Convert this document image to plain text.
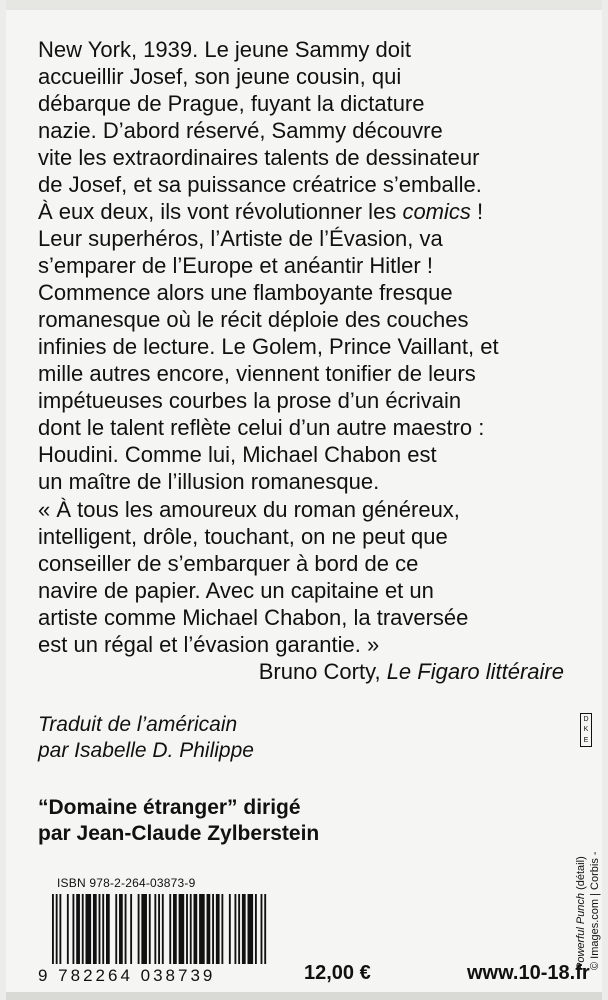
New York, 1939. Le jeune Sammy doit
accueillir Josef, son jeune cousin, qui
débarque de Prague, fuyant la dictature
nazie. D’abord réservé, Sammy découvre
vite les extraordinaires talents de dessinateur
de Josef, et sa puissance créatrice s’emballe.
À eux deux, ils vont révolutionner les comics !
Leur superhéros, l’Artiste de l’Évasion, va
s’emparer de l’Europe et anéantir Hitler !
Commence alors une flamboyante fresque
romanesque où le récit déploie des couches
infinies de lecture. Le Golem, Prince Vaillant, et
mille autres encore, viennent tonifier de leurs
impétueuses courbes la prose d’un écrivain
dont le talent reflète celui d’un autre maestro :
Houdini. Comme lui, Michael Chabon est
un maître de l’illusion romanesque.
« À tous les amoureux du roman généreux,
intelligent, drôle, touchant, on ne peut que
conseiller de s’embarquer à bord de ce
navire de papier. Avec un capitaine et un
artiste comme Michael Chabon, la traversée
est un régal et l’évasion garantie. »
Bruno Corty, Le Figaro littéraire
Traduit de l’américain
par Isabelle D. Philippe
“Domaine étranger” dirigé
par Jean-Claude Zylberstein
D
K
E
Powerful Punch (détail) © Images.com | Corbis -
ISBN 978-2-264-03873-9
9 782264 038739	12,00 €	www.10-18.fr
